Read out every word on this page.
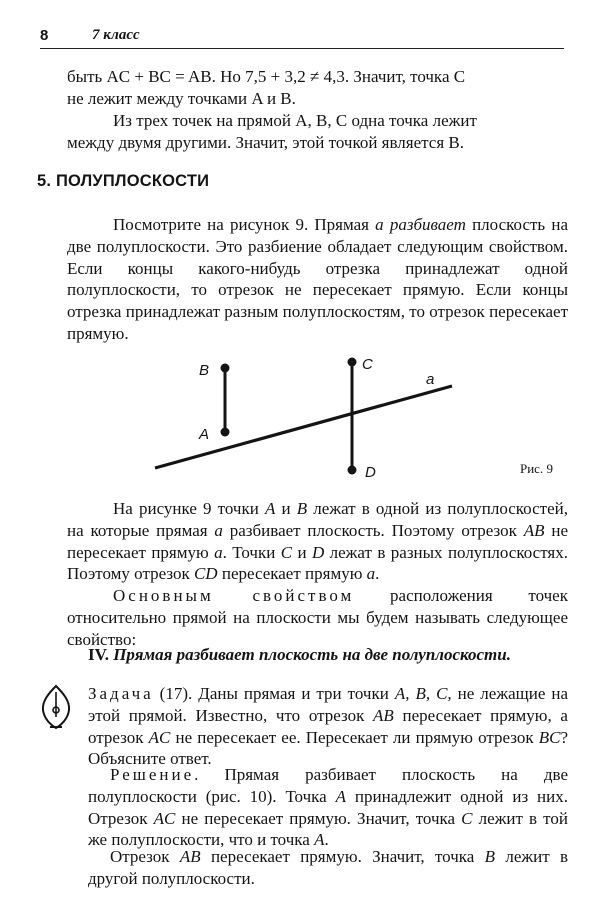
8	7 класс

быть AC + BC = AB. Но 7,5 + 3,2 ≠ 4,3. Значит, точка C

не лежит между точками A и B.

Из трех точек на прямой A, B, C одна точка лежит

между двумя другими. Значит, этой точкой является B.

5. ПОЛУПЛОСКОСТИ

Посмотрите на рисунок 9. Прямая a разбивает плоскость на две полуплоскости. Это разбиение обладает следующим свойством. Если концы какого-нибудь отрезка принадлежат одной полуплоскости, то отрезок не пересекает прямую. Если концы отрезка принадлежат разным полуплоскостям, то отрезок пересекает прямую.

B
A
C
D
a
Рис. 9

На рисунке 9 точки A и B лежат в одной из полуплоскостей, на которые прямая a разбивает плоскость. Поэтому отрезок AB не пересекает прямую a. Точки C и D лежат в разных полуплоскостях. Поэтому отрезок CD пересекает прямую a.

Основным свойством расположения точек относительно прямой на плоскости мы будем называть следующее свойство:

IV. Прямая разбивает плоскость на две полуплоскости.

Задача (17). Даны прямая и три точки A, B, C, не лежащие на этой прямой. Известно, что отрезок AB пересекает прямую, а отрезок AC не пересекает ее. Пересекает ли прямую отрезок BC? Объясните ответ.

Решение. Прямая разбивает плоскость на две полуплоскости (рис. 10). Точка A принадлежит одной из них. Отрезок AC не пересекает прямую. Значит, точка C лежит в той же полуплоскости, что и точка A.

Отрезок AB пересекает прямую. Значит, точка B лежит в другой полуплоскости.
